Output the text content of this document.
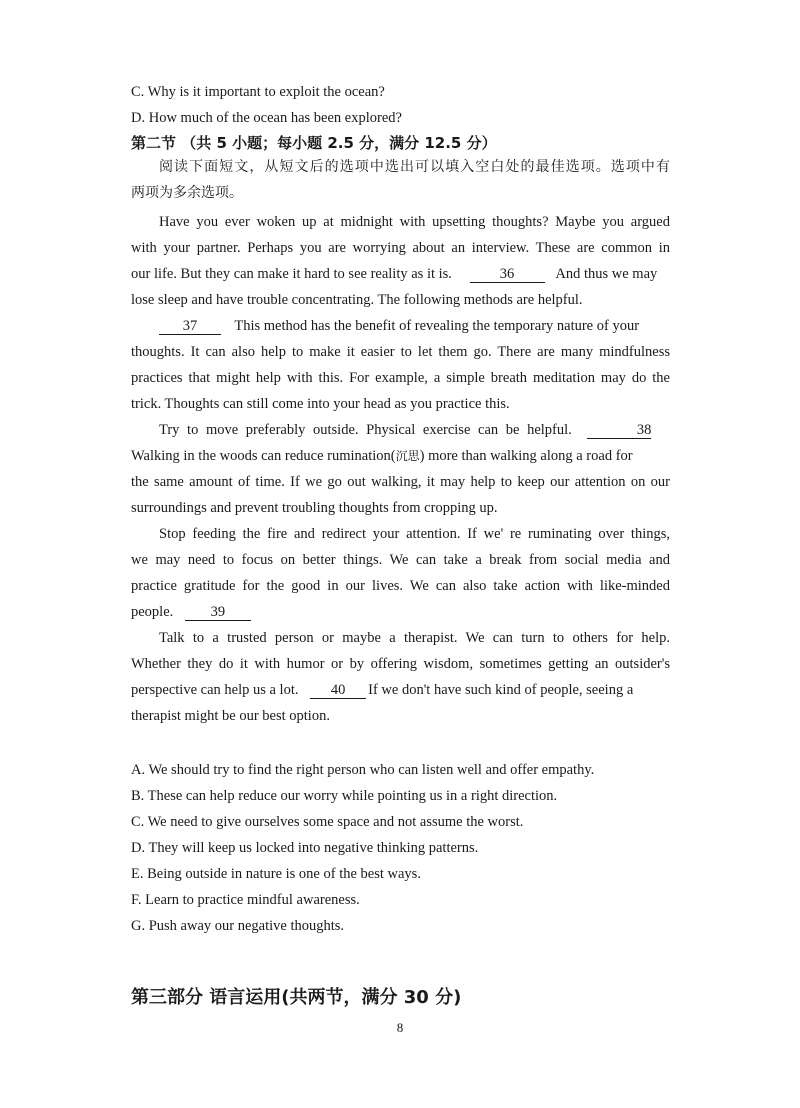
C. Why is it important to exploit the ocean?
D. How much of the ocean has been explored?
第二节 （共 5 小题；每小题 2.5 分，满分 12.5 分）
阅读下面短文，从短文后的选项中选出可以填入空白处的最佳选项。选项中有
两项为多余选项。
Have you ever woken up at midnight with upsetting thoughts? Maybe you argued
with your partner. Perhaps you are worrying about an interview. These are common in
our life. But they can make it hard to see reality as it is.	36	And thus we may
lose sleep and have trouble concentrating. The following methods are helpful.
37	This method has the benefit of revealing the temporary nature of your
thoughts. It can also help to make it easier to let them go. There are many mindfulness
practices that might help with this. For example, a simple breath meditation may do the
trick. Thoughts can still come into your head as you practice this.
Try to move preferably outside. Physical exercise can be helpful.	38
Walking in the woods can reduce rumination(沉思) more than walking along a road for
the same amount of time. If we go out walking, it may help to keep our attention on our
surroundings and prevent troubling thoughts from cropping up.
Stop feeding the fire and redirect your attention. If we' re ruminating over things,
we may need to focus on better things. We can take a break from social media and
practice gratitude for the good in our lives. We can also take action with like-minded
people.	39
Talk to a trusted person or maybe a therapist. We can turn to others for help.
Whether they do it with humor or by offering wisdom, sometimes getting an outsider's
perspective can help us a lot. 40 If we don't have such kind of people, seeing a
therapist might be our best option.
A. We should try to find the right person who can listen well and offer empathy.
B. These can help reduce our worry while pointing us in a right direction.
C. We need to give ourselves some space and not assume the worst.
D. They will keep us locked into negative thinking patterns.
E. Being outside in nature is one of the best ways.
F. Learn to practice mindful awareness.
G. Push away our negative thoughts.
第三部分 语言运用(共两节，满分 30 分)
8
